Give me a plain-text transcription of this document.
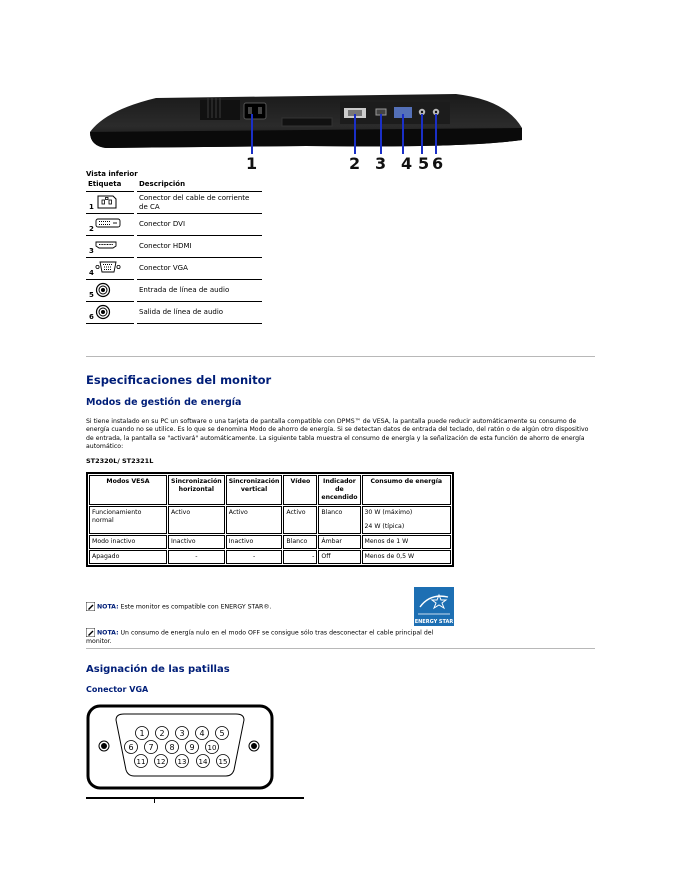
1	2 3 4 5 6
Vista inferior
Etiqueta	Descripción

1	Conector del cable de corriente de CA

2	Conector DVI

3	Conector HDMI

4	Conector VGA

5	Entrada de línea de audio

6	Salida de línea de audio
Especificaciones del monitor
Modos de gestión de energía

Si tiene instalado en su PC un software o una tarjeta de pantalla compatible con DPMS™ de VESA, la pantalla puede reducir automáticamente su consumo de energía cuando no se utilice. Es lo que se denomina Modo de ahorro de energía. Si se detectan datos de entrada del teclado, del ratón o de algún otro dispositivo de entrada, la pantalla se "activará" automáticamente. La siguiente tabla muestra el consumo de energía y la señalización de esta función de ahorro de energía automático:

ST2320L/ ST2321L
Modos VESA	Sincronización horizontal	Sincronización vertical	Vídeo	Indicador de encendido	Consumo de energía
Funcionamiento normal	Activo	Activo	Activo	Blanco	30 W (máximo)
24 W (típica)

Modo inactivo	Inactivo	Inactivo	Blanco	Ámbar	Menos de 1 W
Apagado	-	-	-	Off	Menos de 0,5 W
NOTA: Este monitor es compatible con ENERGY STAR®.
ENERGY STAR
NOTA: Un consumo de energía nulo en el modo OFF se consigue sólo tras desconectar el cable principal del monitor.
Asignación de las patillas
Conector VGA
1 2 3 4 5
6 7 8 9 10
11 12 13 14 15
